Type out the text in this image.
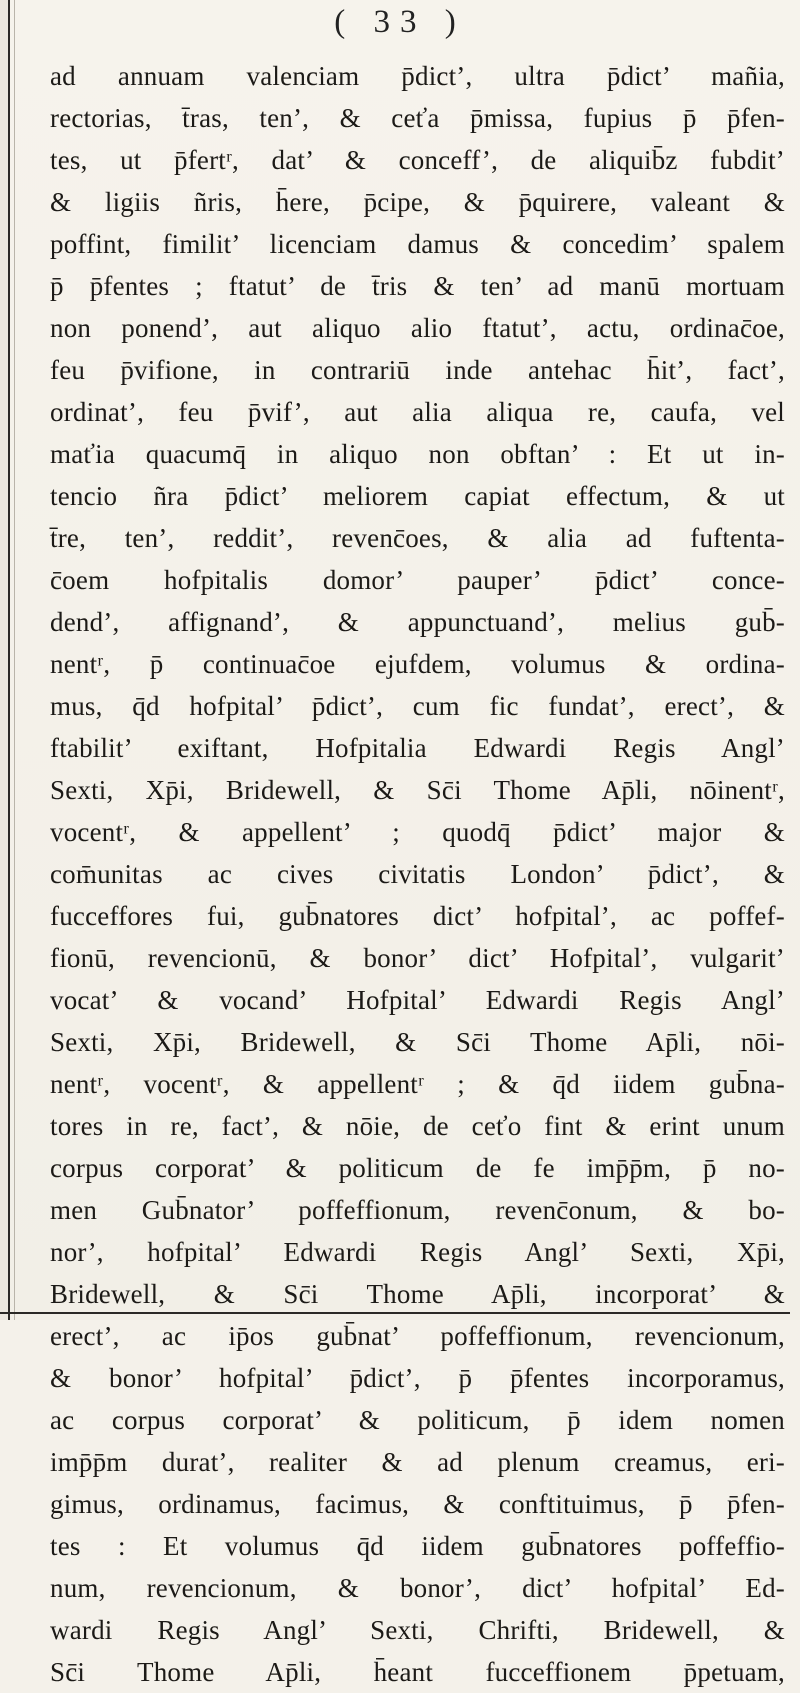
( 33 )
ad annuam valenciam p̄dict’, ultra p̄dict’ mañia,
rectorias, t̄ras, ten’, & ceťa p̄missa, fupius p̄ p̄fen-
tes, ut p̄fertʳ, dat’ & conceff’, de aliquib̄z fubdit’
& ligiis ñris, h̄ere, p̄cipe, & p̄quirere, valeant &
poffint, fimilit’ licenciam damus & concedim’ spalem
p̄ p̄fentes ; ftatut’ de t̄ris & ten’ ad manū mortuam
non ponend’, aut aliquo alio ftatut’, actu, ordinac̄oe,
feu p̄vifione, in contrariū inde antehac h̄it’, fact’,
ordinat’, feu p̄vif’, aut alia aliqua re, caufa, vel
maťia quacumq̄ in aliquo non obftan’ : Et ut in-
tencio ñra p̄dict’ meliorem capiat effectum, & ut
t̄re, ten’, reddit’, revenc̄oes, & alia ad fuftenta-
c̄oem hofpitalis domor’ pauper’ p̄dict’ conce-
dend’, affignand’, & appunctuand’, melius gub̄-
nentʳ, p̄ continuac̄oe ejufdem, volumus & ordina-
mus, q̄d hofpital’ p̄dict’, cum fic fundat’, erect’, &
ftabilit’ exiftant, Hofpitalia Edwardi Regis Angl’
Sexti, Xp̄i, Bridewell, & Sc̄i Thome Ap̄li, nōinentʳ,
vocentʳ, & appellent’ ; quodq̄ p̄dict’ major &
com̄unitas ac cives civitatis London’ p̄dict’, &
fucceffores fui, gub̄natores dict’ hofpital’, ac poffef-
fionū, revencionū, & bonor’ dict’ Hofpital’, vulgarit’
vocat’ & vocand’ Hofpital’ Edwardi Regis Angl’
Sexti, Xp̄i, Bridewell, & Sc̄i Thome Ap̄li, nōi-
nentʳ, vocentʳ, & appellentʳ ; & q̄d iidem gub̄na-
tores in re, fact’, & nōie, de ceťo fint & erint unum
corpus corporat’ & politicum de fe imp̄p̄m, p̄ no-
men Gub̄nator’ poffeffionum, revenc̄onum, & bo-
nor’, hofpital’ Edwardi Regis Angl’ Sexti, Xp̄i,
Bridewell, & Sc̄i Thome Ap̄li, incorporat’ &
erect’, ac ip̄os gub̄nat’ poffeffionum, revencionum,
& bonor’ hofpital’ p̄dict’, p̄ p̄fentes incorporamus,
ac corpus corporat’ & politicum, p̄ idem nomen
imp̄p̄m durat’, realiter & ad plenum creamus, eri-
gimus, ordinamus, facimus, & conftituimus, p̄ p̄fen-
tes : Et volumus q̄d iidem gub̄natores poffeffio-
num, revencionum, & bonor’, dict’ hofpital’ Ed-
wardi Regis Angl’ Sexti, Chrifti, Bridewell, &
Sc̄i Thome Ap̄li, h̄eant fucceffionem p̄petuam,
